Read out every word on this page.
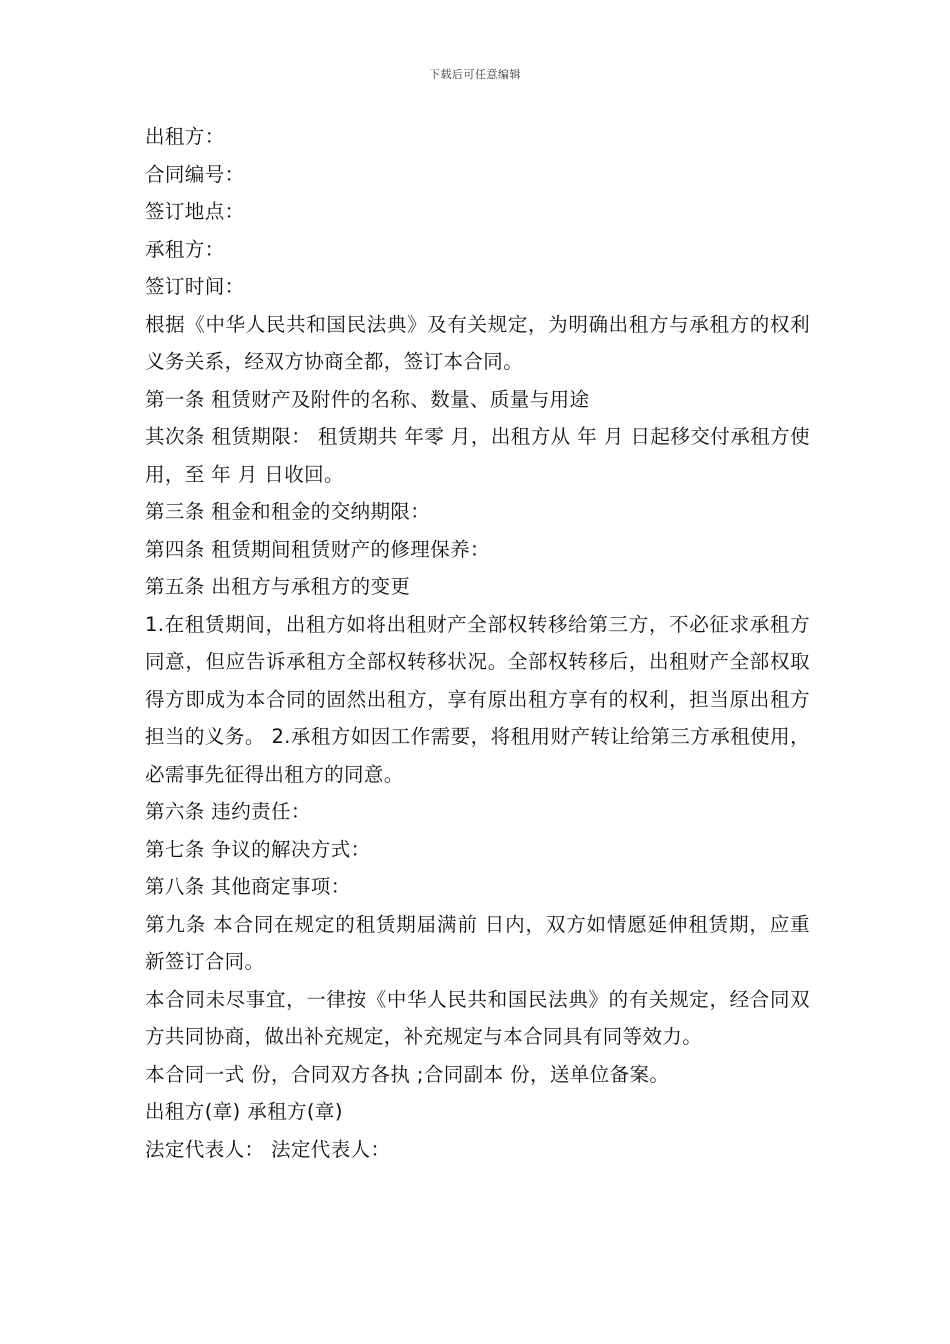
下载后可任意编辑

出租方：

合同编号：

签订地点：

承租方：

签订时间：

根据《中华人民共和国民法典》及有关规定，为明确出租方与承租方的权利义务关系，经双方协商全都，签订本合同。

第一条 租赁财产及附件的名称、数量、质量与用途

其次条 租赁期限： 租赁期共 年零 月，出租方从 年 月 日起移交付承租方使用，至 年 月 日收回。

第三条 租金和租金的交纳期限：

第四条 租赁期间租赁财产的修理保养：

第五条 出租方与承租方的变更

1.在租赁期间，出租方如将出租财产全部权转移给第三方，不必征求承租方同意，但应告诉承租方全部权转移状况。全部权转移后，出租财产全部权取得方即成为本合同的固然出租方，享有原出租方享有的权利，担当原出租方担当的义务。 2.承租方如因工作需要，将租用财产转让给第三方承租使用，必需事先征得出租方的同意。

第六条 违约责任：

第七条 争议的解决方式：

第八条 其他商定事项：

第九条 本合同在规定的租赁期届满前 日内，双方如情愿延伸租赁期，应重新签订合同。

本合同未尽事宜，一律按《中华人民共和国民法典》的有关规定，经合同双方共同协商，做出补充规定，补充规定与本合同具有同等效力。

本合同一式 份，合同双方各执 ;合同副本 份，送单位备案。

出租方(章) 承租方(章)

法定代表人： 法定代表人：
